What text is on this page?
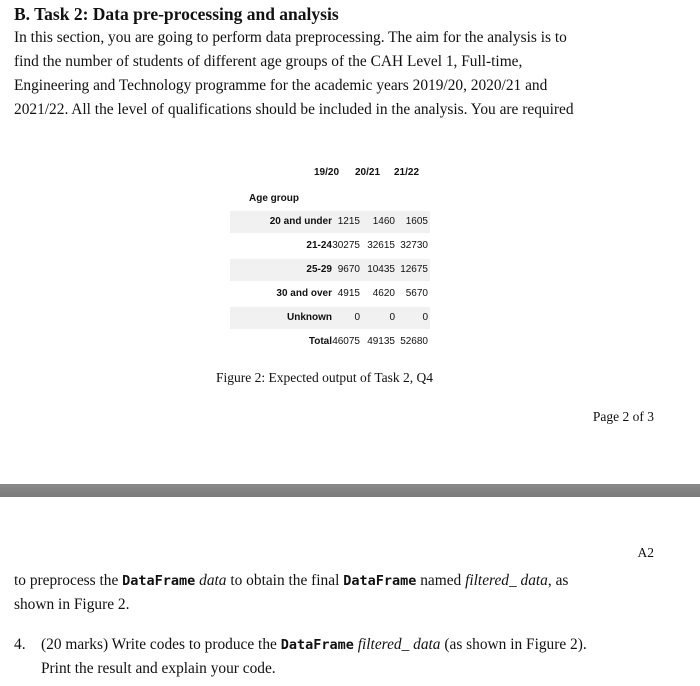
B. Task 2: Data pre-processing and analysis
In this section, you are going to perform data preprocessing. The aim for the analysis is to
find the number of students of different age groups of the CAH Level 1, Full-time,
Engineering and Technology programme for the academic years 2019/20, 2020/21 and
2021/22. All the level of qualifications should be included in the analysis. You are required
19/20 20/21 21/22
Age group
20 and under 1215	1460	1605
21-24 30275 32615 32730
25-29 9670 10435 12675
30 and over 4915	4620	5670
Unknown	0	0	0
Total 46075 49135 52680
Figure 2: Expected output of Task 2, Q4
Page 2 of 3
A2
to preprocess the DataFrame data to obtain the final DataFrame named filtered_ data, as
shown in Figure 2.
4. (20 marks) Write codes to produce the DataFrame filtered_ data (as shown in Figure 2).
Print the result and explain your code.
